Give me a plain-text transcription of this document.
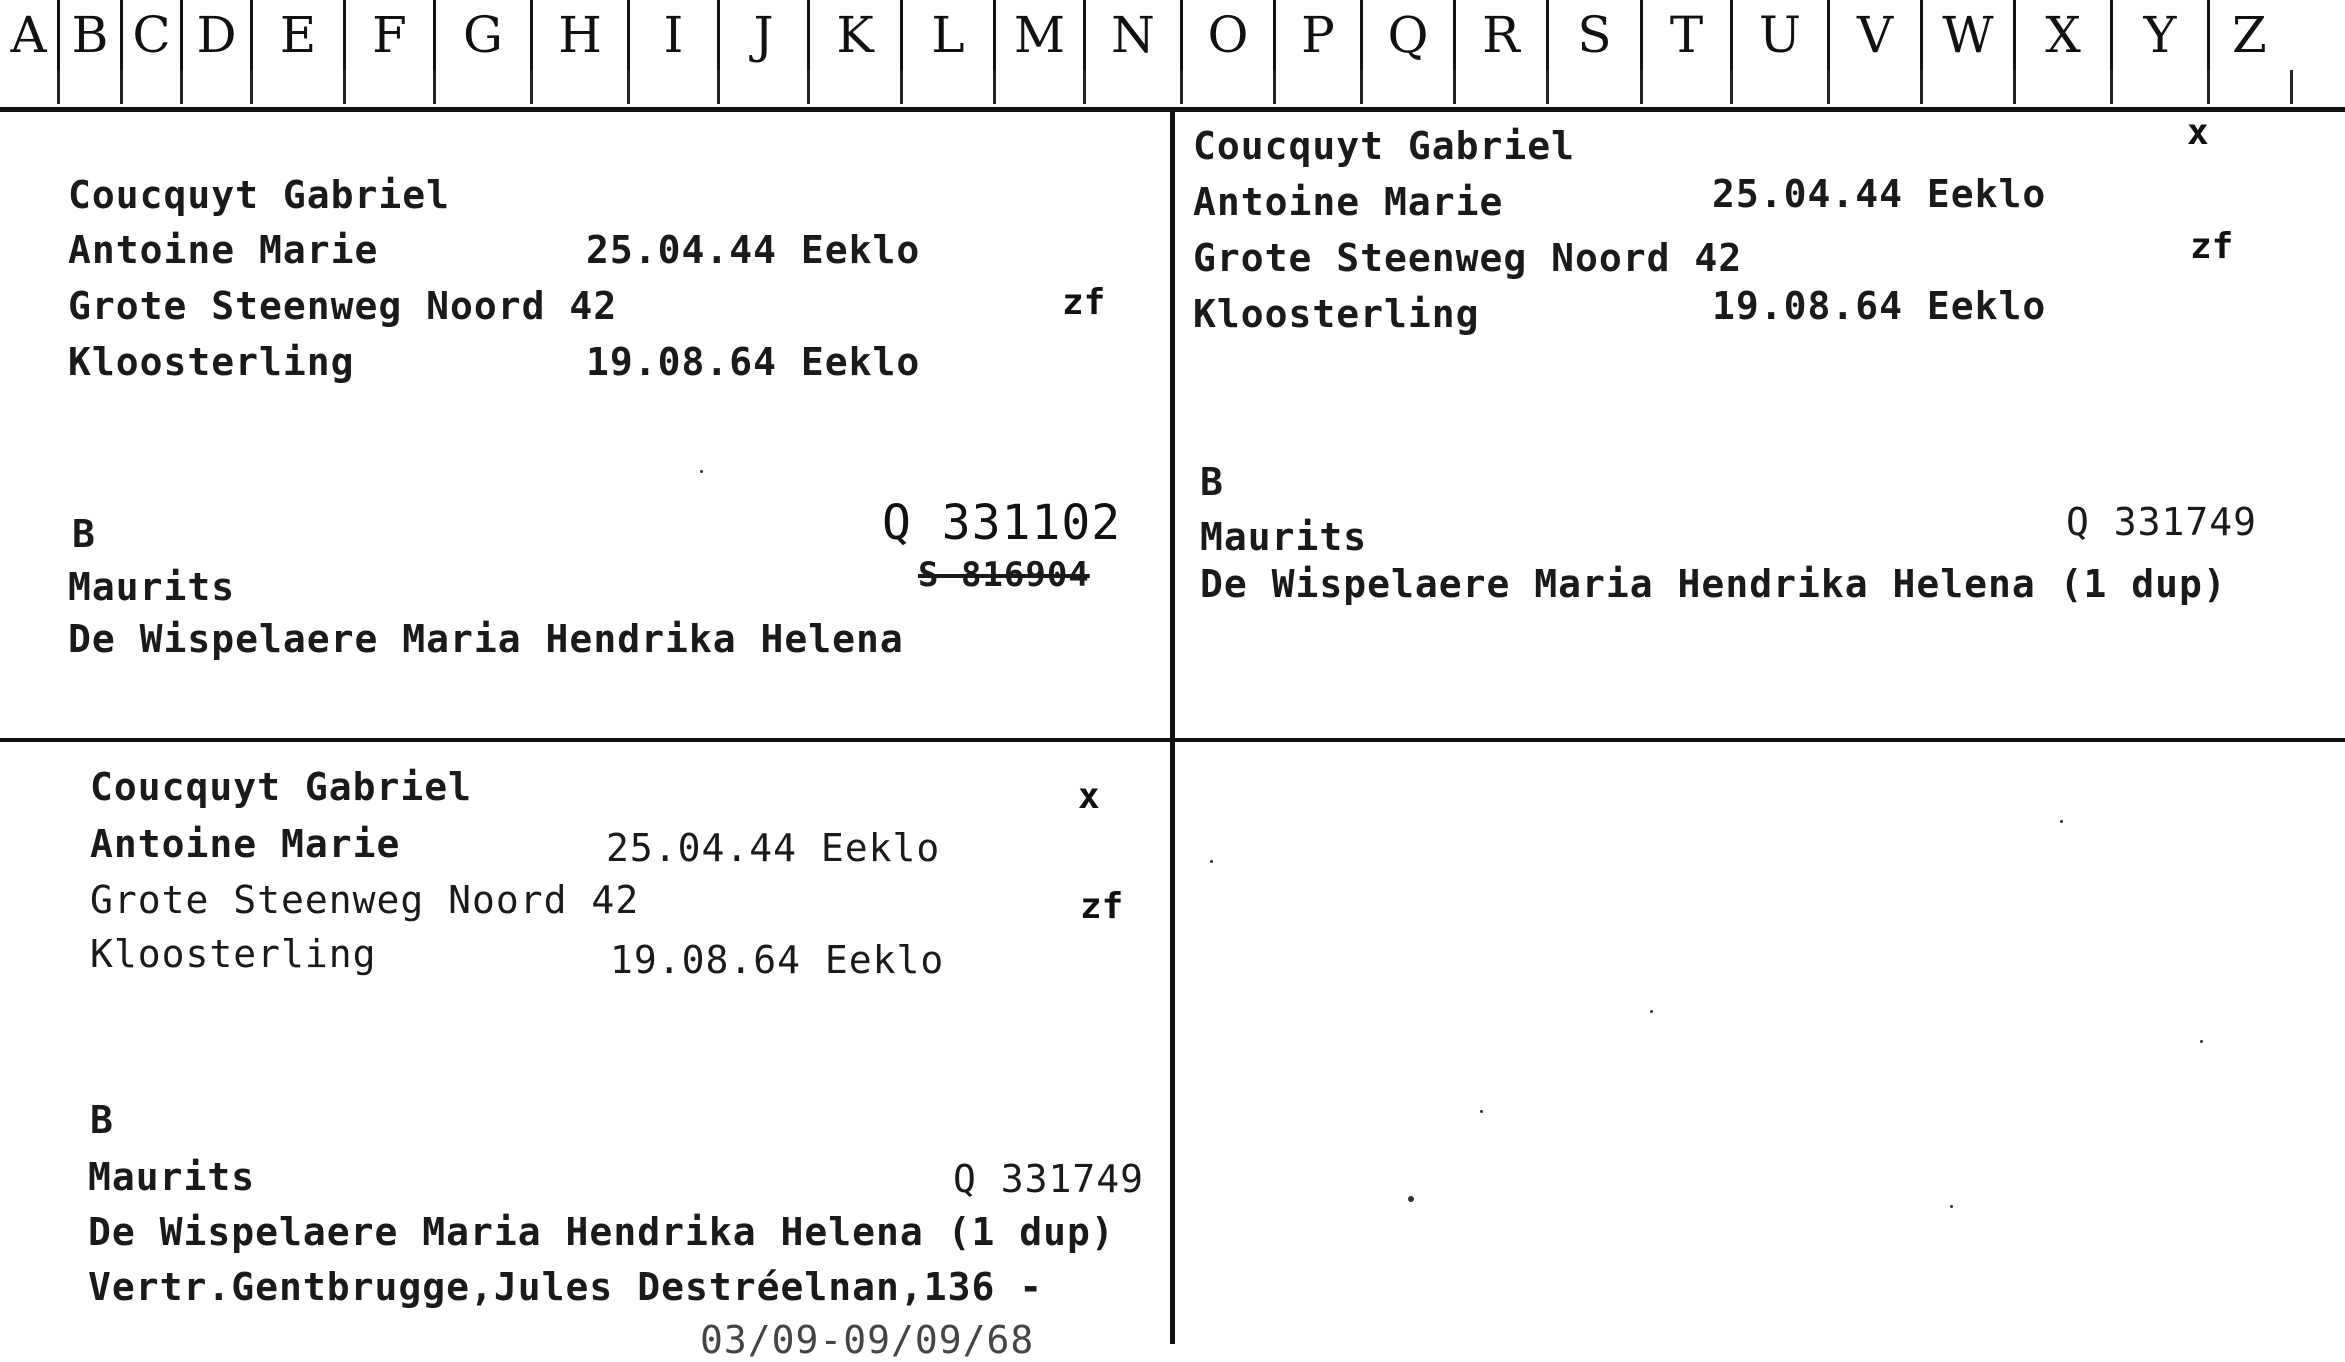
A B C D E	F	G	H	I	J	K	L M N	O	P	Q	R	S	T	U	V W	X	Y	Z
Coucquyt Gabriel
Antoine Marie	25.04.44 Eeklo
Grote Steenweg Noord 42	zf
Kloosterling	19.08.64 Eeklo
B	Q 331102
S 816904
Maurits
De Wispelaere Maria Hendrika Helena
Coucquyt Gabriel	x
Antoine Marie	25.04.44 Eeklo
Grote Steenweg Noord 42	zf
Kloosterling	19.08.64 Eeklo
B
Maurits	Q 331749
De Wispelaere Maria Hendrika Helena (1 dup)
Coucquyt Gabriel	x
Antoine Marie	25.04.44 Eeklo
Grote Steenweg Noord 42	zf
Kloosterling	19.08.64 Eeklo
B
Maurits	Q 331749
De Wispelaere Maria Hendrika Helena (1 dup)
Vertr.Gentbrugge,Jules Destréelnan,136 -
03/09-09/09/68
